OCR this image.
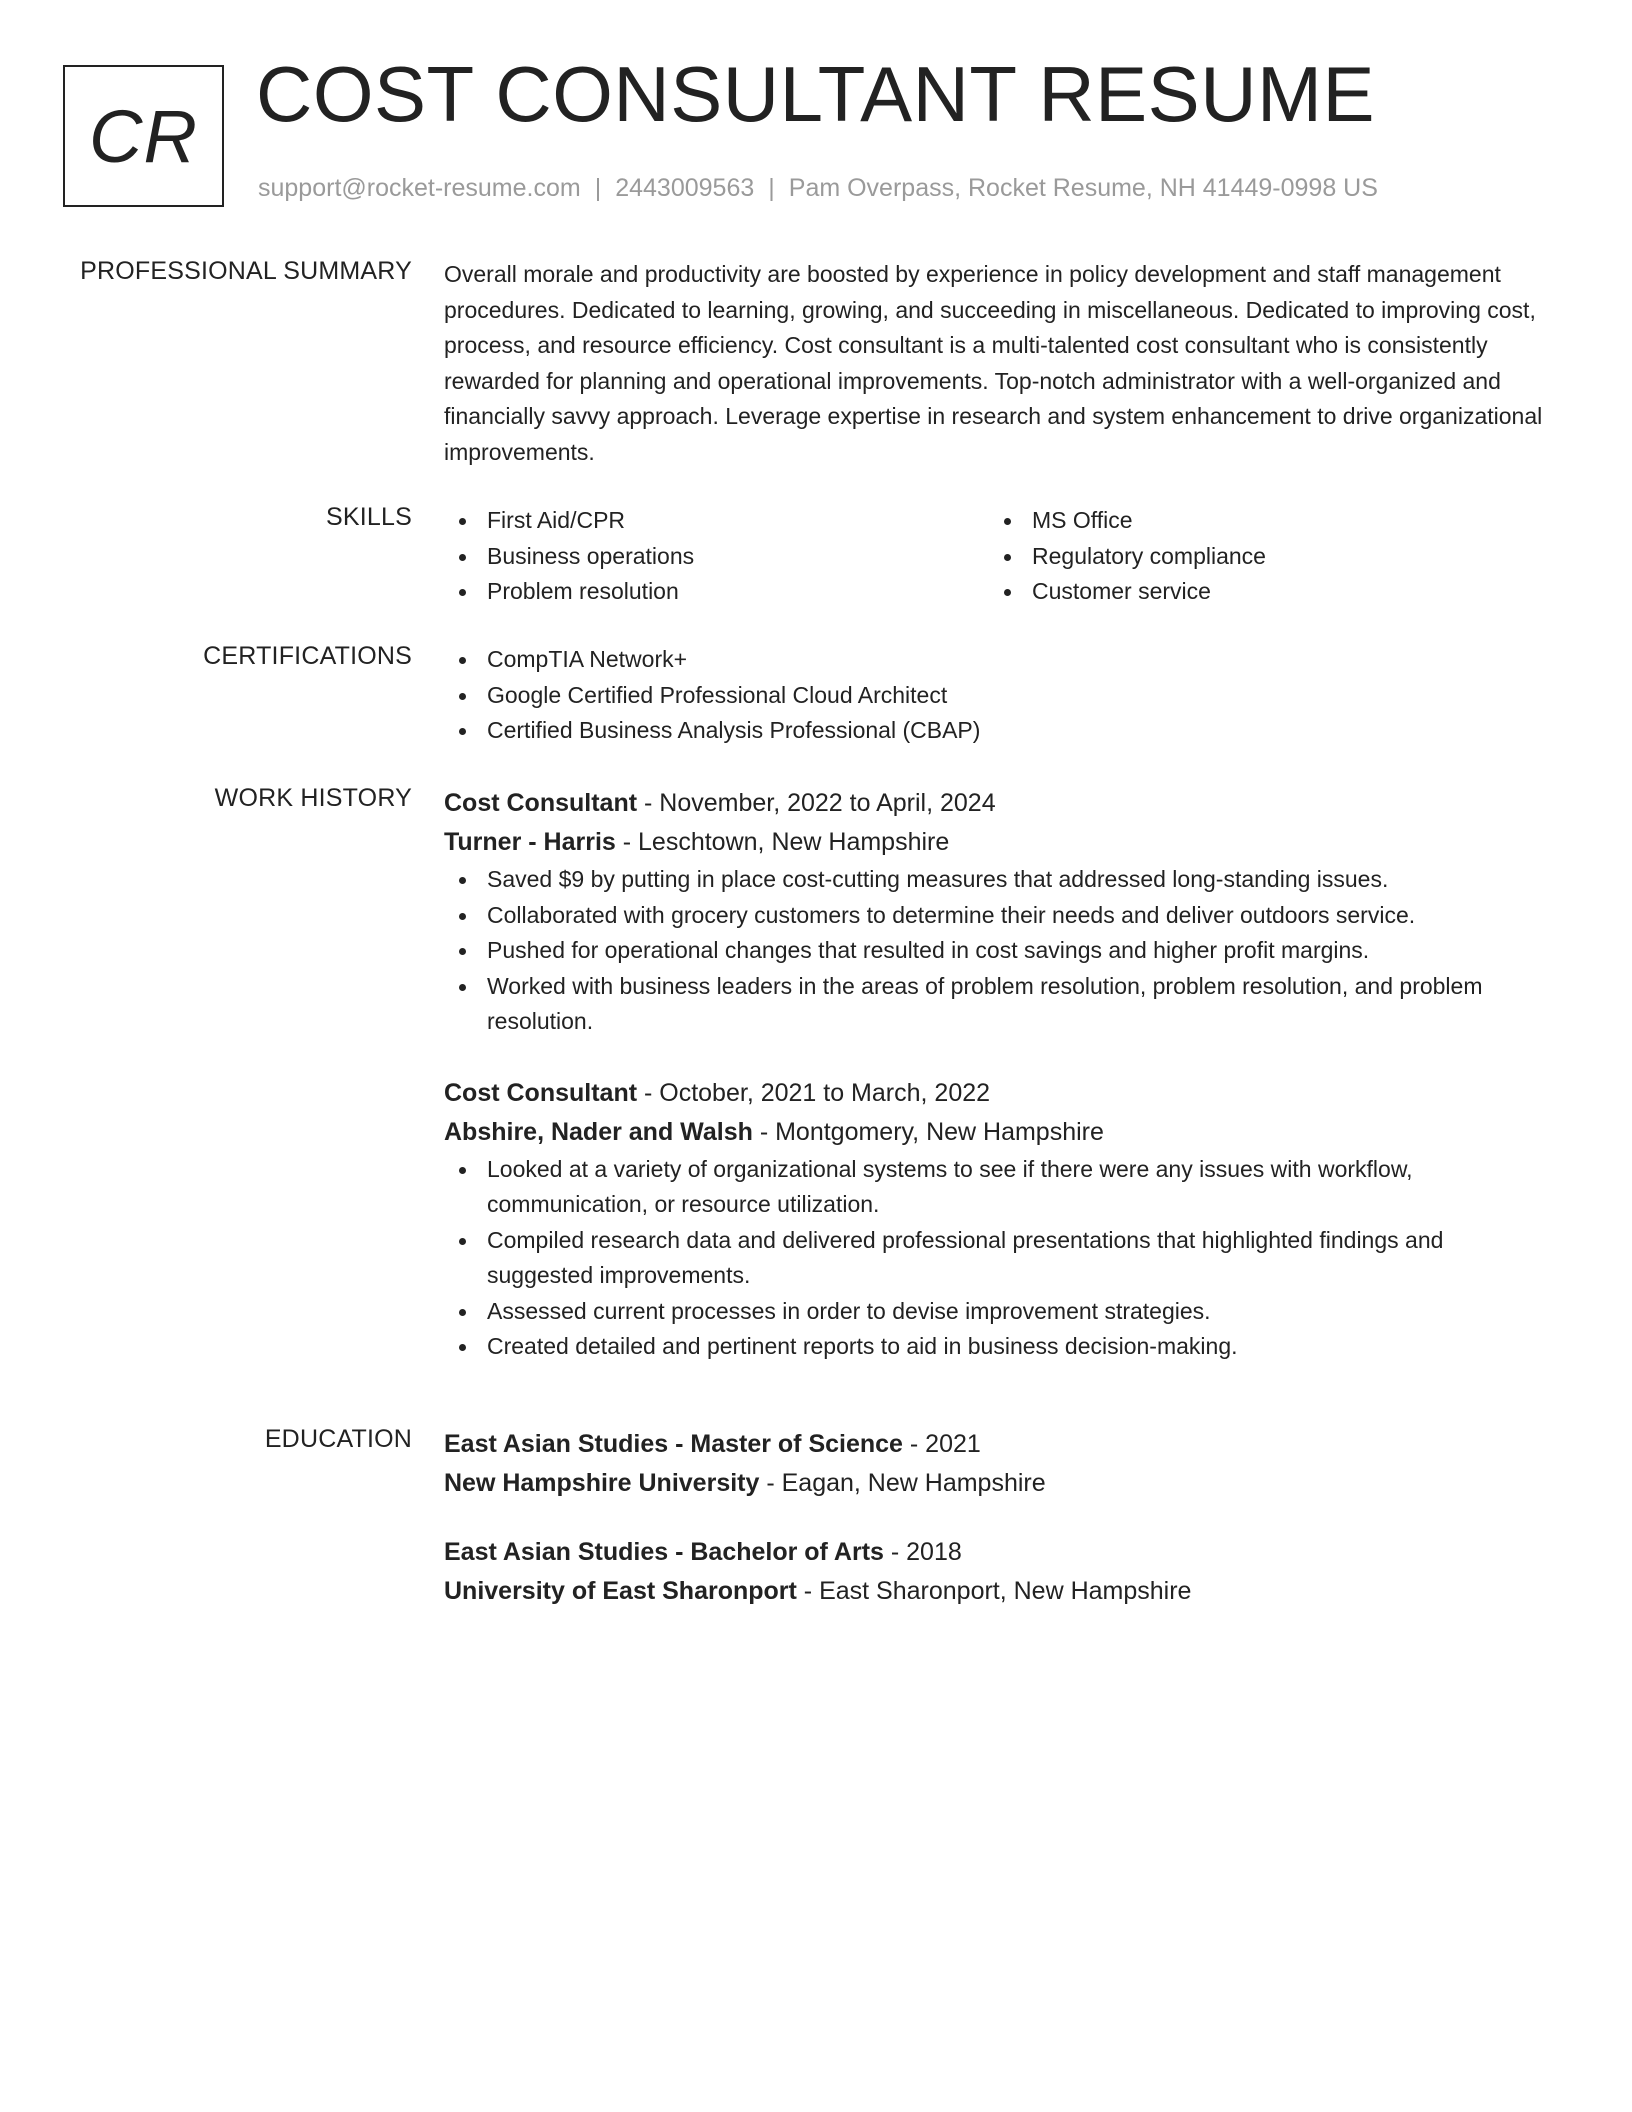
CR COST CONSULTANT RESUME
support@rocket-resume.com | 2443009563 | Pam Overpass, Rocket Resume, NH 41449-0998 US
PROFESSIONAL SUMMARY Overall morale and productivity are boosted by experience in policy development and staff management procedures. Dedicated to learning, growing, and succeeding in miscellaneous. Dedicated to improving cost, process, and resource efficiency. Cost consultant is a multi-talented cost consultant who is consistently rewarded for planning and operational improvements. Top-notch administrator with a well-organized and financially savvy approach. Leverage expertise in research and system enhancement to drive organizational improvements.

SKILLS	First Aid/CPR
Business operations
Problem resolution
MS Office
Regulatory compliance
Customer service
CERTIFICATIONS	CompTIA Network+
Google Certified Professional Cloud Architect
Certified Business Analysis Professional (CBAP)
WORK HISTORY Cost Consultant - November, 2022 to April, 2024
Turner - Harris - Leschtown, New Hampshire
Saved $9 by putting in place cost-cutting measures that addressed long-standing issues.
Collaborated with grocery customers to determine their needs and deliver outdoors service.
Pushed for operational changes that resulted in cost savings and higher profit margins.
Worked with business leaders in the areas of problem resolution, problem resolution, and problem resolution.
Cost Consultant - October, 2021 to March, 2022
Abshire, Nader and Walsh - Montgomery, New Hampshire
Looked at a variety of organizational systems to see if there were any issues with workflow, communication, or resource utilization.
Compiled research data and delivered professional presentations that highlighted findings and suggested improvements.
Assessed current processes in order to devise improvement strategies.
Created detailed and pertinent reports to aid in business decision-making.
EDUCATION East Asian Studies - Master of Science - 2021
New Hampshire University - Eagan, New Hampshire
East Asian Studies - Bachelor of Arts - 2018
University of East Sharonport - East Sharonport, New Hampshire
